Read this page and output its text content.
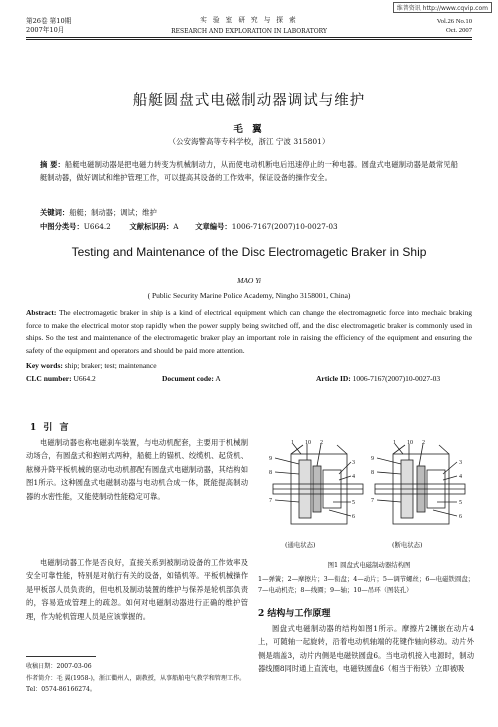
维普资讯 http://www.cqvip.com
第26卷 第10期
2007年10月
实 验 室 研 究 与 探 索
RESEARCH AND EXPLORATION IN LABORATORY
Vol.26 No.10
Oct. 2007
船艇圆盘式电磁制动器调试与维护
毛 翼
（公安海警高等专科学校，浙江 宁波 315801）
摘 要：船艇电磁制动器是把电磁力转变为机械制动力，从而使电动机断电后迅速停止的一种电器。圆盘式电磁制动器是最常见船艇制动器，做好调试和维护管理工作，可以提高其设备的工作效率，保证设备的操作安全。
关键词：船艇；制动器；调试；维护
中图分类号：U664.2	文献标识码：A 文章编号：1006-7167(2007)10-0027-03
Testing and Maintenance of the Disc Electromagetic Braker in Ship
MAO Yi
( Public Security Marine Police Academy, Ningho 3158001, China)
Abstract: The electromagetic braker in ship is a kind of electrical equipment which can change the electromagnetic force into mechaic braking force to make the electrical motor stop rapidly when the power supply being switched off, and the disc electromagetic braker is commonly used in ships. So the test and maintenance of the electromagetic braker play an important role in raising the efficiency of the equipment and ensuring the safety of the equipment and operators and should be paid more attention.
Key words: ship; braker; test; maintenance
CLC number: U664.2	Document code: A	Article ID: 1006-7167(2007)10-0027-03
1 引 言
电磁制动器也称电磁刹车装置，与电动机配套，主要用于机械制动场合，有圆盘式和抱闸式两种，船艇上的锚机、绞缆机、起货机、舷梯升降平板机械的驱动电动机都配有圆盘式电磁制动器，其结构如图1所示。这种圆盘式电磁制动器与电动机合成一体，既能提高制动器的水密性能，又能使制动性能稳定可靠。
电磁制动器工作是否良好，直接关系到被制动设备的工作效率及安全可靠性能，特别是对航行有关的设备，如锚机等。平板机械操作是甲板部人员负责的，但电机及制动装置的维护与保养是轮机部负责的，容易造成管理上的疏忽。如何对电磁制动器进行正确的维护管理，作为轮机管理人员是应该掌握的。
收稿日期：2007-03-06
作者简介：毛 翼(1958-)，浙江衢州人，副教授，从事船舶电气教学和管理工作。Tel：0574-86166274。
1 10 2
9
3
8
4
7	5
6
1 10 2
9
3
8
4
7	5
6
(通电状态)	(断电状态)
图1 圆盘式电磁制动器结构图
1—弹簧；2—摩擦片；3—衔盘；4—动片；5—调节螺丝；6—电磁铁圆盘；
7—电动机壳；8—线圈；9—轴；10—吊环（图装孔）
2 结构与工作原理
圆盘式电磁制动器的结构如图1所示。摩擦片2镶嵌在动片4上，可随轴一起旋转，沿着电动机轴端的花键作轴向移动。动片外侧是端盖3，动片内侧是电磁铁圆盘6。当电动机接入电源时，制动器线圈8同时通上直流电，电磁铁圆盘6（相当于衔铁）立即被吸
